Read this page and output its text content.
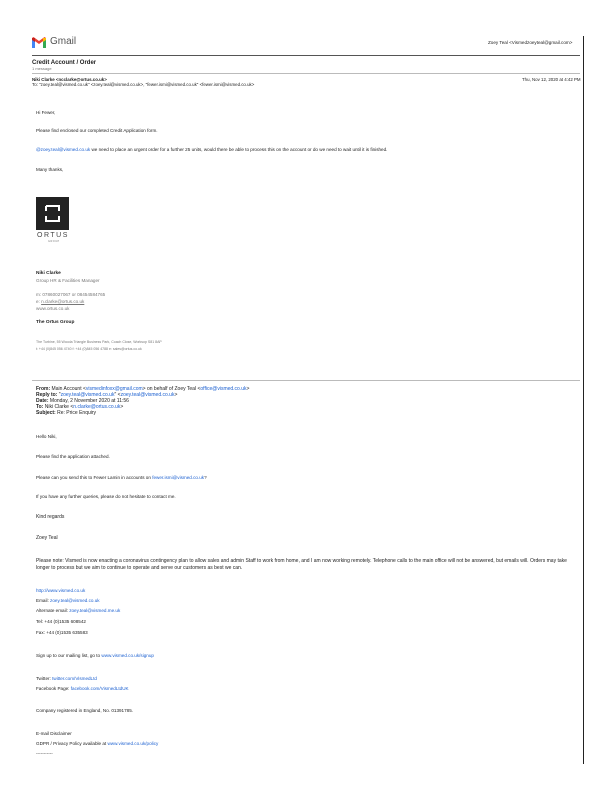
Gmail	Zoey Teal <Vismedzoeyteal@gmail.com>
Credit Account / Order
1 message
Niki Clarke <ncclarke@ortus.co.uk>
To: "zoey.teal@vismed.co.uk" <zoey.teal@vismed.co.uk>, "fewer.ismi@vismed.co.uk" <fewer.ismi@vismed.co.uk>
Thu, Nov 12, 2020 at 4:42 PM
Hi Fewer,
Please find enclosed our completed Credit Application form.
@zoey.teal@vismed.co.uk we need to place an urgent order for a further 25 units, would there be able to process this on the account or do we need to wait until it is finished.
Many thanks,
ORTUS
GROUP
Niki Clarke
Group HR & Facilities Manager
m: 07860027067 or 08454584765
e: n.clarke@ortus.co.uk
www.ortus.co.uk
The Ortus Group
The Turbine, 55 Wooda Triangle Business Park, Coach Close, Worksop S81 8AP
t: +44 (0)845 056 4740 f: +44 (0)845 056 4788 e: sales@ortus.co.uk
From: Main Account <vismedinfoxx@gmail.com> on behalf of Zoey Teal <office@vismed.co.uk>
Reply to: "zoey.teal@vismed.co.uk" <zoey.teal@vismed.co.uk>
Date: Monday, 2 November 2020 at 11:56
To: Niki Clarke <n.clarke@ortus.co.uk>
Subject: Re: Price Enquiry
Hello Niki,
Please find the application attached.
Please can you send this to Fewer Lamin in accounts on fewer.ismi@vismed.co.uk?
If you have any further queries, please do not hesitate to contact me.
Kind regards
Zoey Teal
Please note: Vismed is now enacting a coronavirus contingency plan to allow sales and admin Staff to work from home, and I am now working remotely. Telephone calls to the main office will not be answered, but emails will. Orders may take longer to process but we aim to continue to operate and serve our customers as best we can.
http://www.vismed.co.uk
Email: zoey.teal@vismed.co.uk
Alternate email: zoey.teal@vismed.me.uk
Tel: +44 (0)1535 608542
Fax: +44 (0)1535 635583
Sign up to our mailing list, go to www.vismed.co.uk/signup
Twitter: twitter.com/VismedLtd
Facebook Page: facebook.com/VismedLtdUK
Company registered in England, No. 01391785.
E-mail Disclaimer
GDPR / Privacy Policy available at www.vismed.co.uk/policy
-----------
